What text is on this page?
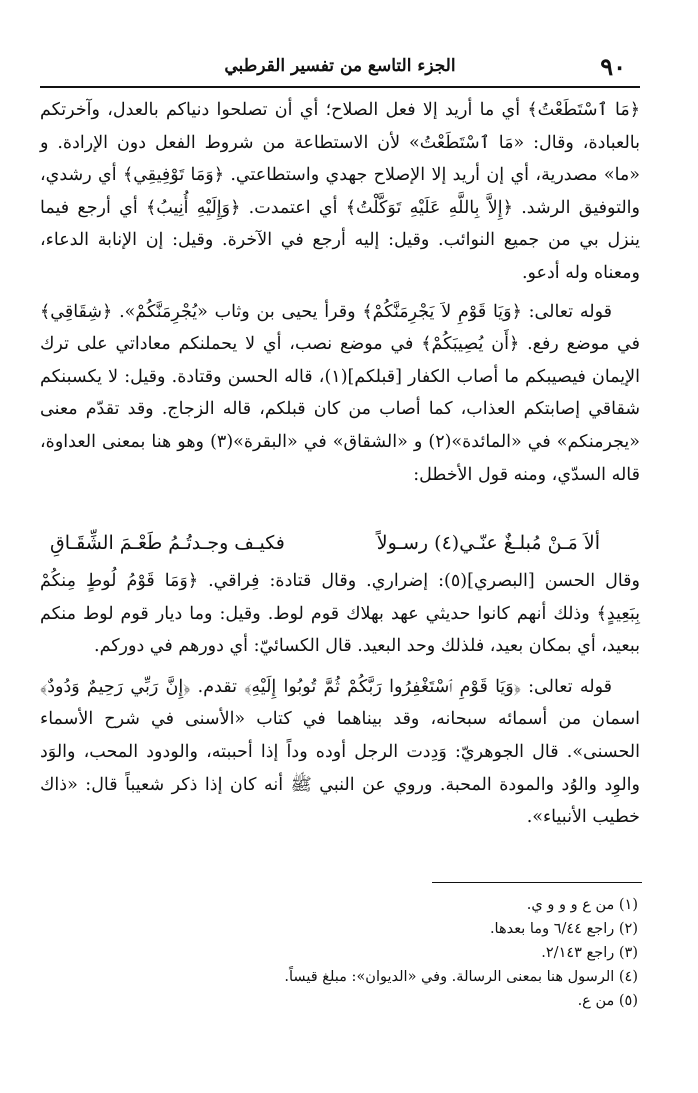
٩٠
الجزء التاسع من تفسير القرطبي

﴿مَا ٱسْتَطَعْتُ﴾ أي ما أريد إلا فعل الصلاح؛ أي أن تصلحوا دنياكم بالعدل، وآخرتكم بالعبادة، وقال: «مَا ٱسْتَطَعْتُ» لأن الاستطاعة من شروط الفعل دون الإرادة. و «ما» مصدرية، أي إن أريد إلا الإصلاح جهدي واستطاعتي. ﴿وَمَا تَوْفِيقِي﴾ أي رشدي، والتوفيق الرشد. ﴿إِلاَّ بِاللَّهِ عَلَيْهِ تَوَكَّلْتُ﴾ أي اعتمدت. ﴿وَإِلَيْهِ أُنِيبُ﴾ أي أرجع فيما ينزل بي من جميع النوائب. وقيل: إليه أرجع في الآخرة. وقيل: إن الإنابة الدعاء، ومعناه وله أدعو.

قوله تعالى: ﴿وَيَا قَوْمِ لاَ يَجْرِمَنَّكُمْ﴾ وقرأ يحيى بن وثاب «يُجْرِمَنَّكُمْ». ﴿شِقَاقِي﴾ في موضع رفع. ﴿أَن يُصِيبَكُمْ﴾ في موضع نصب، أي لا يحملنكم معاداتي على ترك الإيمان فيصيبكم ما أصاب الكفار [قبلكم](١)، قاله الحسن وقتادة. وقيل: لا يكسبنكم شقاقي إصابتكم العذاب، كما أصاب من كان قبلكم، قاله الزجاج. وقد تقدّم معنى «يجرمنكم» في «المائدة»(٢) و «الشقاق» في «البقرة»(٣) وهو هنا بمعنى العداوة، قاله السدّي، ومنه قول الأخطل:

ألاَ مَـنْ مُبلـغٌ عنّـي(٤) رسـولاً
فكيـف وجـدتُـمُ طَعْـمَ الشِّقَـاقِ

وقال الحسن [البصري](٥): إضراري. وقال قتادة: فِراقي. ﴿وَمَا قَوْمُ لُوطٍ مِنكُمْ بِبَعِيدٍ﴾ وذلك أنهم كانوا حديثي عهد بهلاك قوم لوط. وقيل: وما ديار قوم لوط منكم ببعيد، أي بمكان بعيد، فلذلك وحد البعيد. قال الكسائيّ: أي دورهم في دوركم.

قوله تعالى: ﴿وَيَا قَوْمِ ٱسْتَغْفِرُوا رَبَّكُمْ ثُمَّ تُوبُوا إِلَيْهِ﴾ تقدم. ﴿إِنَّ رَبِّي رَحِيمٌ وَدُودٌ﴾ اسمان من أسمائه سبحانه، وقد بيناهما في كتاب «الأسنى في شرح الأسماء الحسنى». قال الجوهريّ: وَدِدت الرجل أوده وداً إذا أحببته، والودود المحب، والوَد والوِد والوُد والمودة المحبة. وروي عن النبي ﷺ أنه كان إذا ذكر شعيباً قال: «ذاك خطيب الأنبياء».

(١) من ع و و و ي.
(٢) راجع ٦/٤٤ وما بعدها.
(٣) راجع ٢/١٤٣.
(٤) الرسول هنا بمعنى الرسالة. وفي «الديوان»: مبلغ قيساً.
(٥) من ع.
